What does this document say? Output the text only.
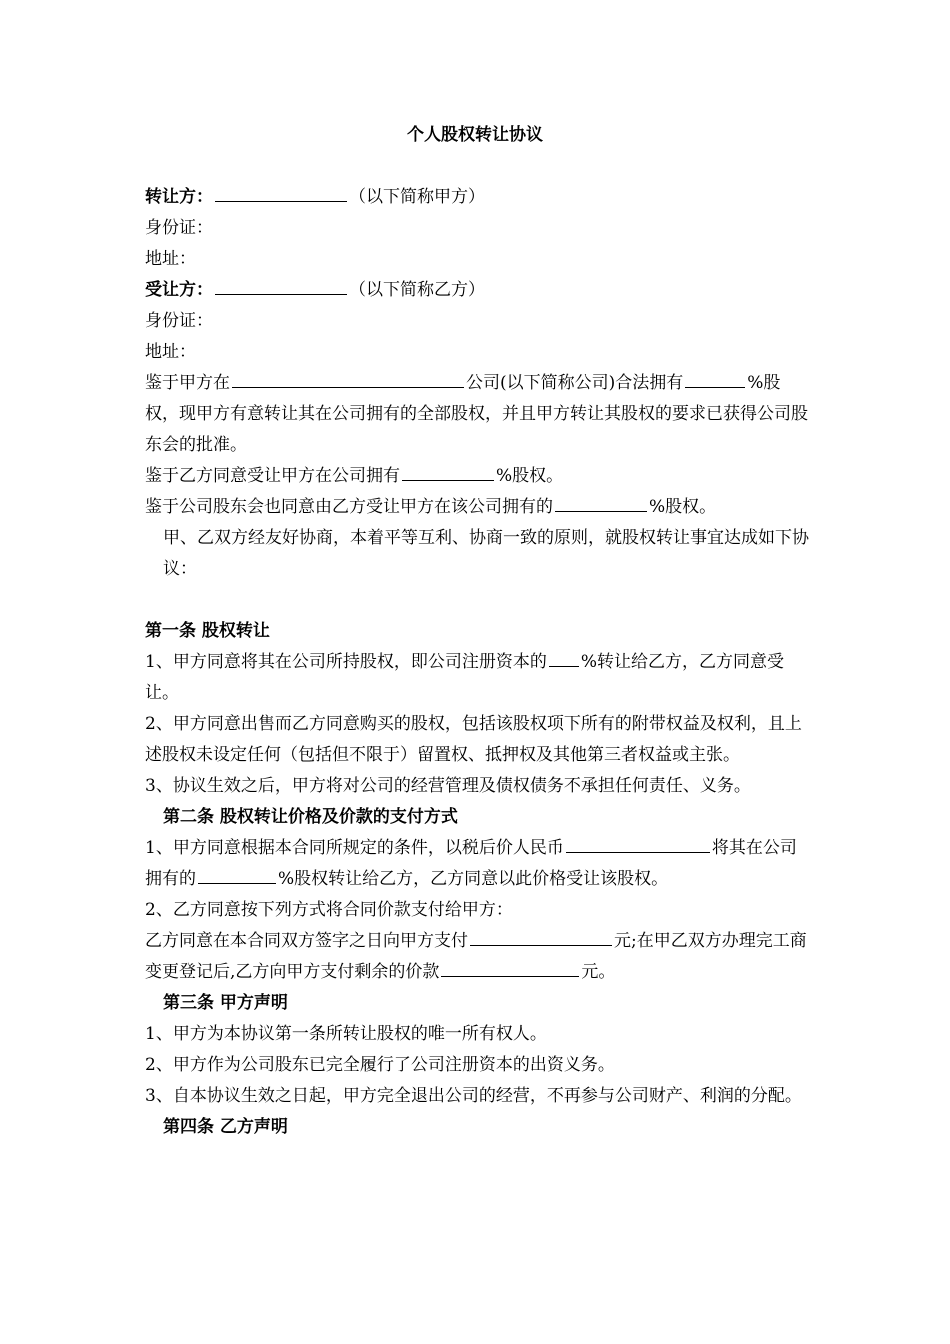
个人股权转让协议

转让方：	（以下简称甲方）

身份证：

地址：

受让方：	（以下简称乙方）

身份证：

地址：

鉴于甲方在	公司(以下简称公司)合法拥有	%股权，现甲方有意转让其在公司拥有的全部股权，并且甲方转让其股权的要求已获得公司股东会的批准。

鉴于乙方同意受让甲方在公司拥有	%股权。

鉴于公司股东会也同意由乙方受让甲方在该公司拥有的	%股权。

甲、乙双方经友好协商，本着平等互利、协商一致的原则，就股权转让事宜达成如下协议：

第一条 股权转让

1、甲方同意将其在公司所持股权，即公司注册资本的 %转让给乙方，乙方同意受让。

2、甲方同意出售而乙方同意购买的股权，包括该股权项下所有的附带权益及权利，且上述股权未设定任何（包括但不限于）留置权、抵押权及其他第三者权益或主张。

3、协议生效之后，甲方将对公司的经营管理及债权债务不承担任何责任、义务。

第二条 股权转让价格及价款的支付方式

1、甲方同意根据本合同所规定的条件，以税后价人民币	将其在公司拥有的	%股权转让给乙方，乙方同意以此价格受让该股权。

2、乙方同意按下列方式将合同价款支付给甲方：

乙方同意在本合同双方签字之日向甲方支付	元;在甲乙双方办理完工商变更登记后,乙方向甲方支付剩余的价款	元。

第三条 甲方声明

1、甲方为本协议第一条所转让股权的唯一所有权人。

2、甲方作为公司股东已完全履行了公司注册资本的出资义务。

3、自本协议生效之日起，甲方完全退出公司的经营，不再参与公司财产、利润的分配。

第四条 乙方声明
